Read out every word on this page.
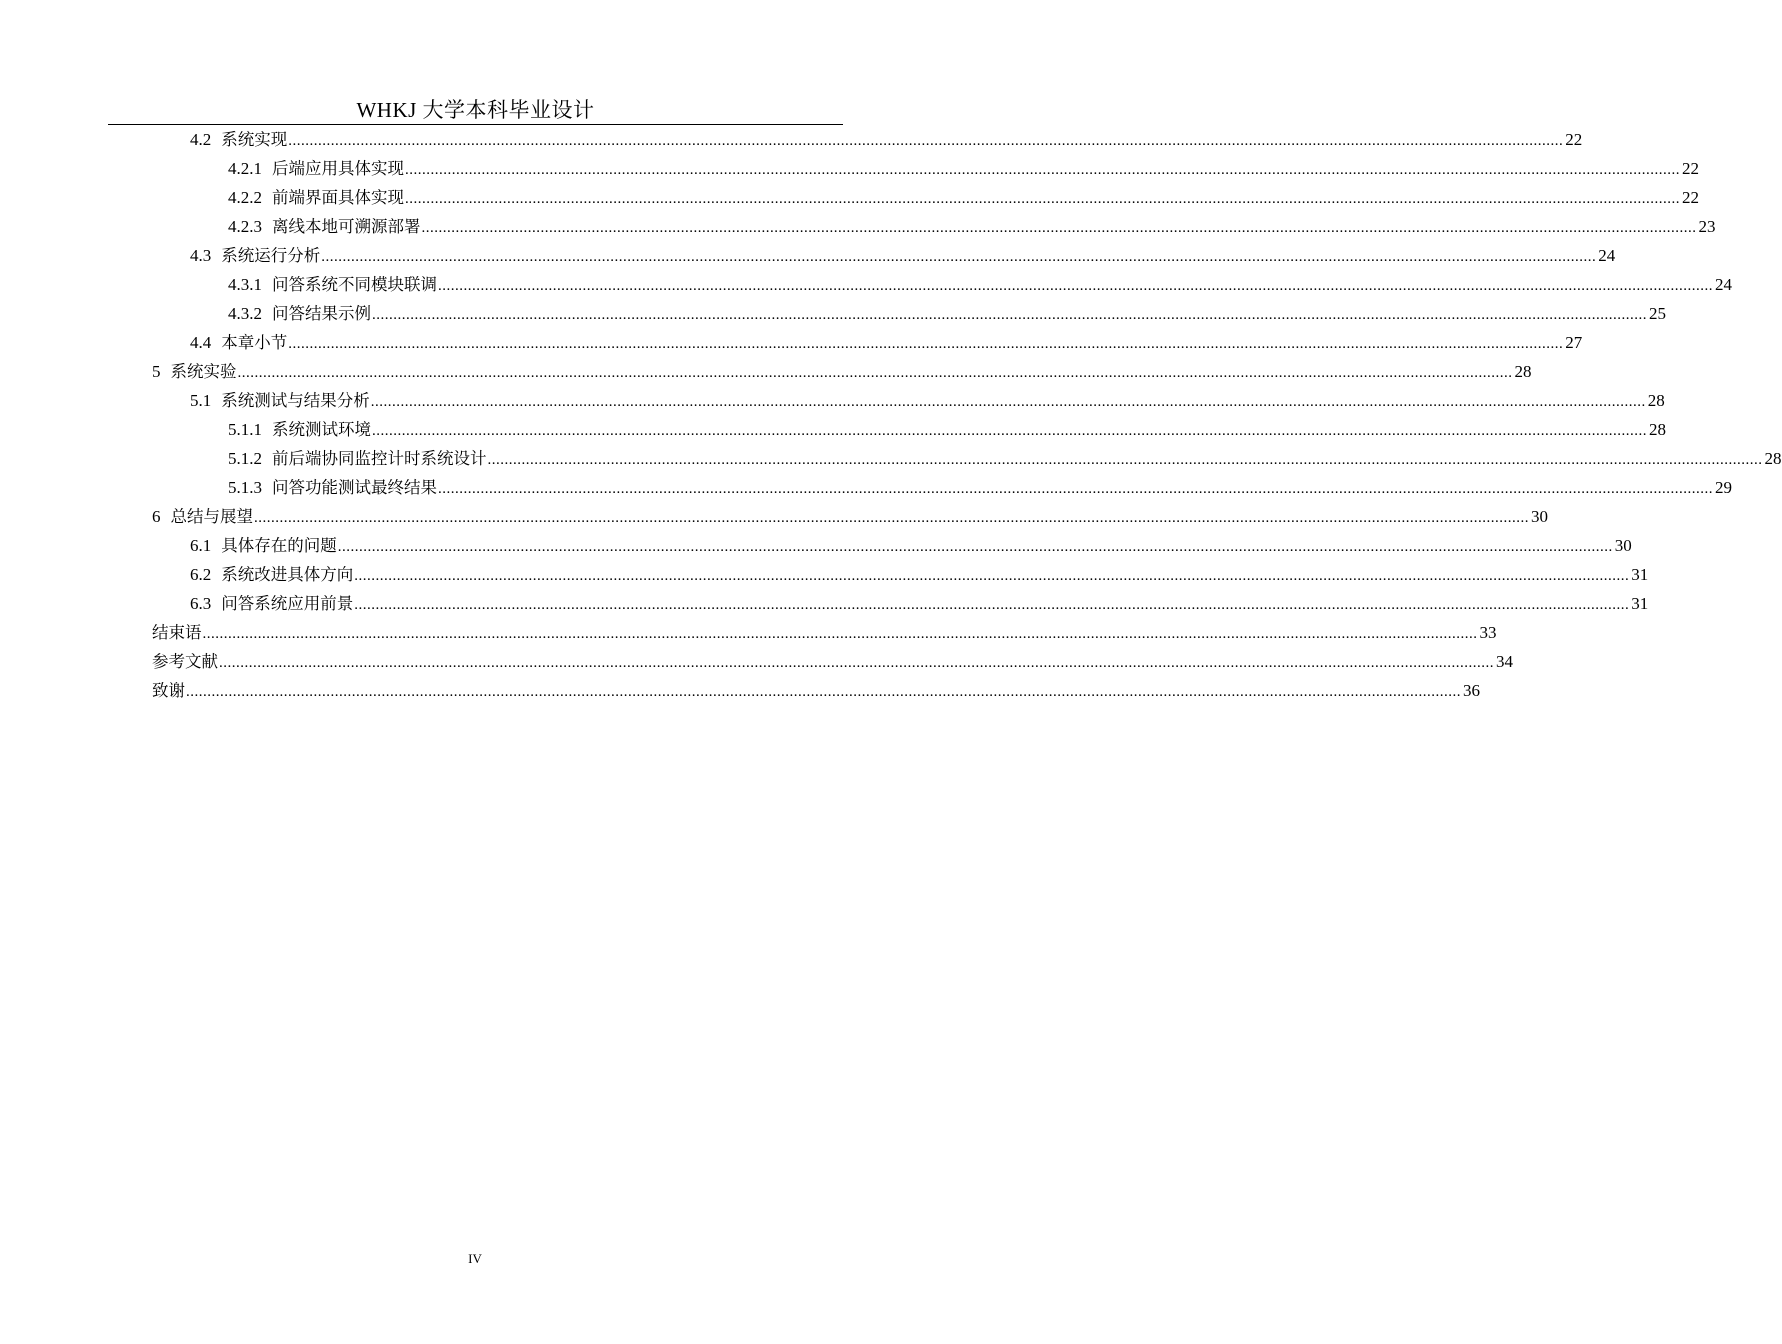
WHKJ 大学本科毕业设计
4.2 系统实现 ............................................................................................................................................................................................................................................................................................................ 22
4.2.1 后端应用具体实现 ............................................................................................................................................................................................................................................................................................................ 22
4.2.2 前端界面具体实现 ............................................................................................................................................................................................................................................................................................................ 22
4.2.3 离线本地可溯源部署 ............................................................................................................................................................................................................................................................................................................ 23
4.3 系统运行分析 ............................................................................................................................................................................................................................................................................................................ 24
4.3.1 问答系统不同模块联调 ............................................................................................................................................................................................................................................................................................................ 24
4.3.2 问答结果示例 ............................................................................................................................................................................................................................................................................................................ 25
4.4 本章小节 ............................................................................................................................................................................................................................................................................................................ 27
5 系统实验 ............................................................................................................................................................................................................................................................................................................ 28
5.1 系统测试与结果分析 ............................................................................................................................................................................................................................................................................................................ 28
5.1.1 系统测试环境 ............................................................................................................................................................................................................................................................................................................ 28
5.1.2 前后端协同监控计时系统设计 ............................................................................................................................................................................................................................................................................................................ 28
5.1.3 问答功能测试最终结果 ............................................................................................................................................................................................................................................................................................................ 29
6 总结与展望 ............................................................................................................................................................................................................................................................................................................ 30
6.1 具体存在的问题 ............................................................................................................................................................................................................................................................................................................ 30
6.2 系统改进具体方向 ............................................................................................................................................................................................................................................................................................................ 31
6.3 问答系统应用前景 ............................................................................................................................................................................................................................................................................................................ 31
结束语 ............................................................................................................................................................................................................................................................................................................ 33
参考文献 ............................................................................................................................................................................................................................................................................................................ 34
致谢 ............................................................................................................................................................................................................................................................................................................ 36
IV
